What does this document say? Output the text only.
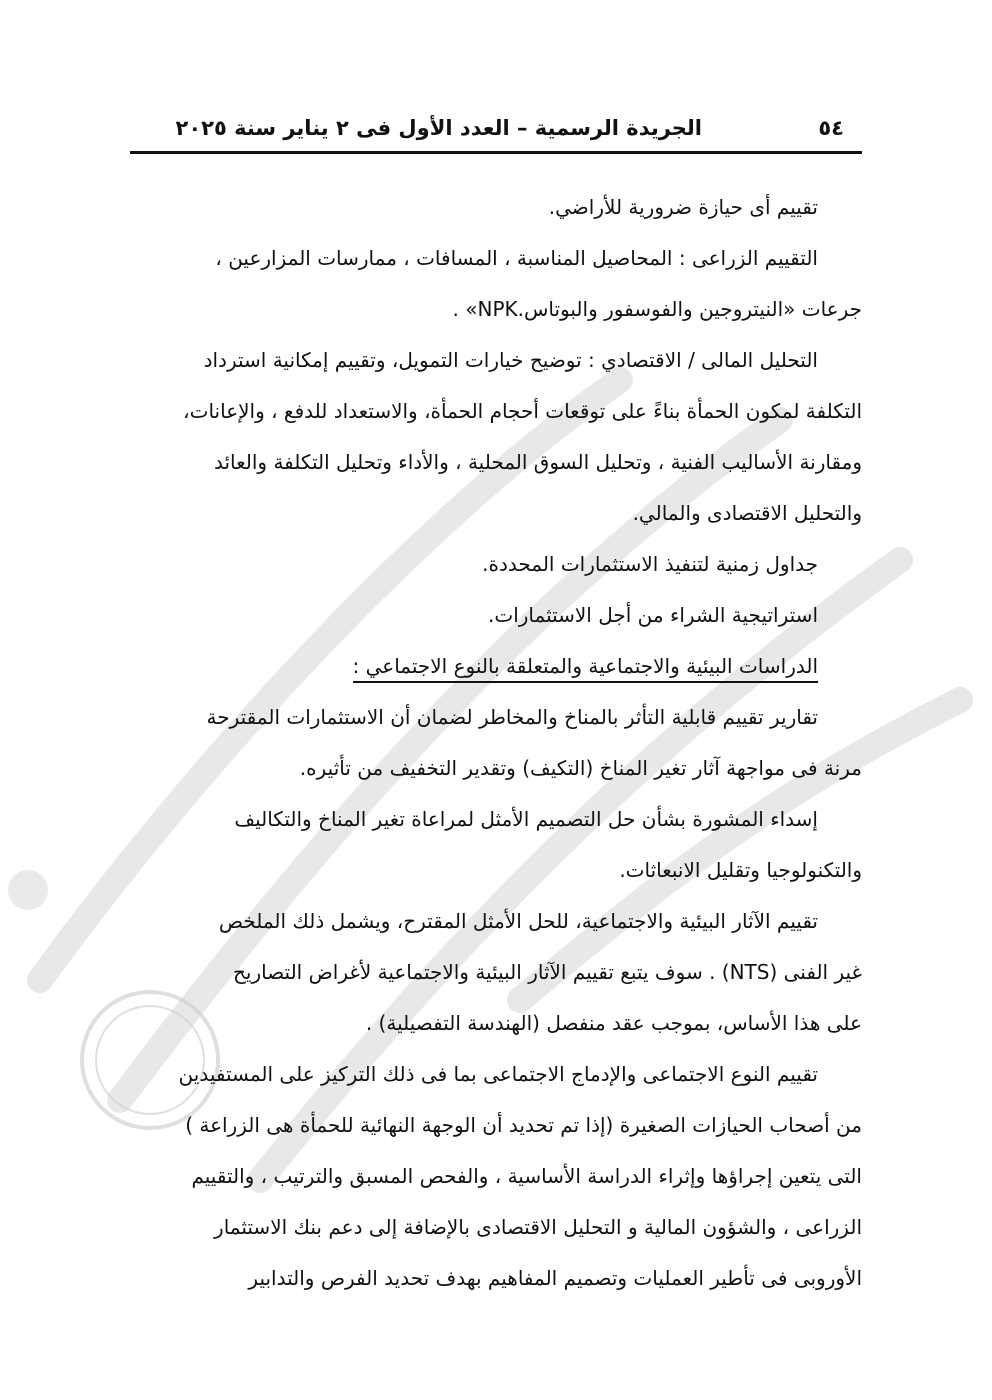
٥٤
الجريدة الرسمية – العدد الأول فى ٢ يناير سنة ٢٠٢٥
تقييم أى حيازة ضرورية للأراضي.
التقييم الزراعى : المحاصيل المناسبة ، المسافات ، ممارسات المزارعين ،
جرعات «النيتروجين والفوسفور والبوتاس.NPK» .
التحليل المالى / الاقتصادي : توضيح خيارات التمويل، وتقييم إمكانية استرداد
التكلفة لمكون الحمأة بناءً على توقعات أحجام الحمأة، والاستعداد للدفع ، والإعانات،
ومقارنة الأساليب الفنية ، وتحليل السوق المحلية ، والأداء وتحليل التكلفة والعائد
والتحليل الاقتصادى والمالي.
جداول زمنية لتنفيذ الاستثمارات المحددة.
استراتيجية الشراء من أجل الاستثمارات.
الدراسات البيئية والاجتماعية والمتعلقة بالنوع الاجتماعي :
تقارير تقييم قابلية التأثر بالمناخ والمخاطر لضمان أن الاستثمارات المقترحة
مرنة فى مواجهة آثار تغير المناخ (التكيف) وتقدير التخفيف من تأثيره.
إسداء المشورة بشأن حل التصميم الأمثل لمراعاة تغير المناخ والتكاليف
والتكنولوجيا وتقليل الانبعاثات.
تقييم الآثار البيئية والاجتماعية، للحل الأمثل المقترح، ويشمل ذلك الملخص
غير الفنى (NTS) . سوف يتبع تقييم الآثار البيئية والاجتماعية لأغراض التصاريح
على هذا الأساس، بموجب عقد منفصل (الهندسة التفصيلية) .
تقييم النوع الاجتماعى والإدماج الاجتماعى بما فى ذلك التركيز على المستفيدين
من أصحاب الحيازات الصغيرة (إذا تم تحديد أن الوجهة النهائية للحمأة هى الزراعة )
التى يتعين إجراؤها وإثراء الدراسة الأساسية ، والفحص المسبق والترتيب ، والتقييم
الزراعى ، والشؤون المالية و التحليل الاقتصادى بالإضافة إلى دعم بنك الاستثمار
الأوروبى فى تأطير العمليات وتصميم المفاهيم بهدف تحديد الفرص والتدابير
